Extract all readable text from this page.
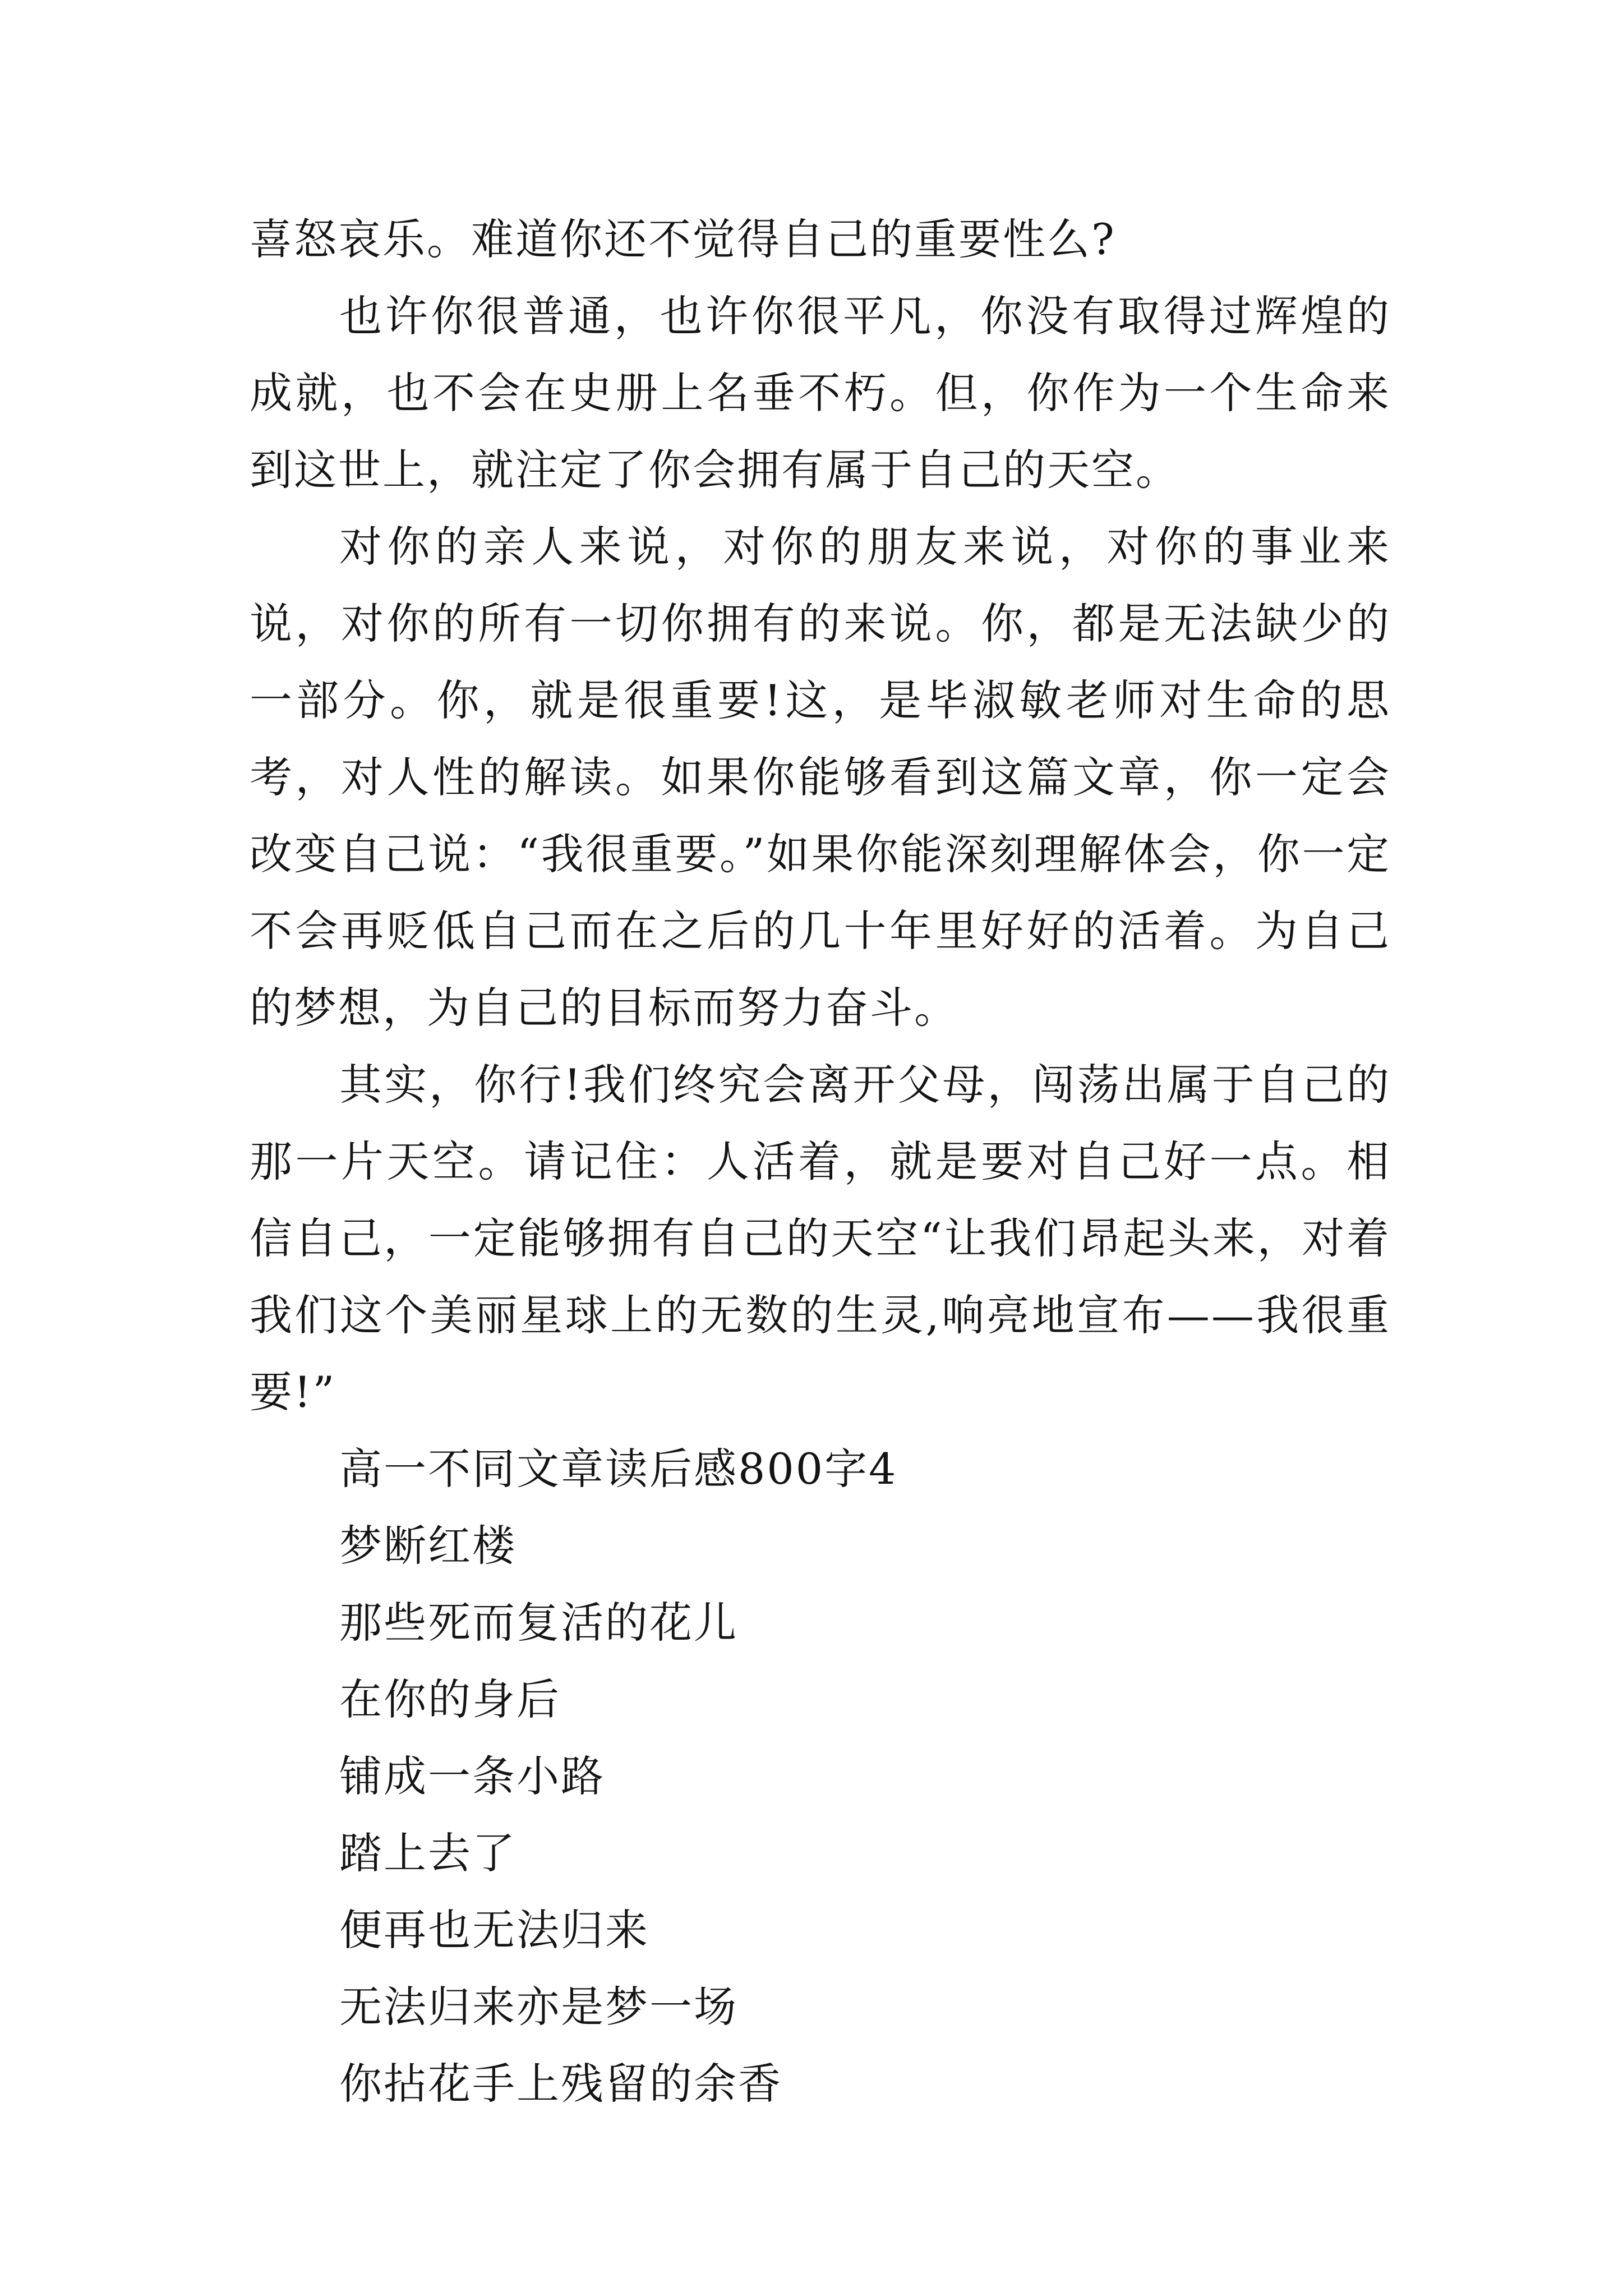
喜怒哀乐。难道你还不觉得自己的重要性么?

也许你很普通，也许你很平凡，你没有取得过辉煌的成就，也不会在史册上名垂不朽。但，你作为一个生命来到这世上，就注定了你会拥有属于自己的天空。

对你的亲人来说，对你的朋友来说，对你的事业来说，对你的所有一切你拥有的来说。你，都是无法缺少的一部分。你，就是很重要!这，是毕淑敏老师对生命的思考，对人性的解读。如果你能够看到这篇文章，你一定会改变自己说：“我很重要。”如果你能深刻理解体会，你一定不会再贬低自己而在之后的几十年里好好的活着。为自己的梦想，为自己的目标而努力奋斗。

其实，你行!我们终究会离开父母，闯荡出属于自己的那一片天空。请记住：人活着，就是要对自己好一点。相信自己，一定能够拥有自己的天空“让我们昂起头来，对着我们这个美丽星球上的无数的生灵,响亮地宣布——我很重要!”

高一不同文章读后感800字4
梦断红楼
那些死而复活的花儿
在你的身后
铺成一条小路
踏上去了
便再也无法归来
无法归来亦是梦一场
你拈花手上残留的余香
